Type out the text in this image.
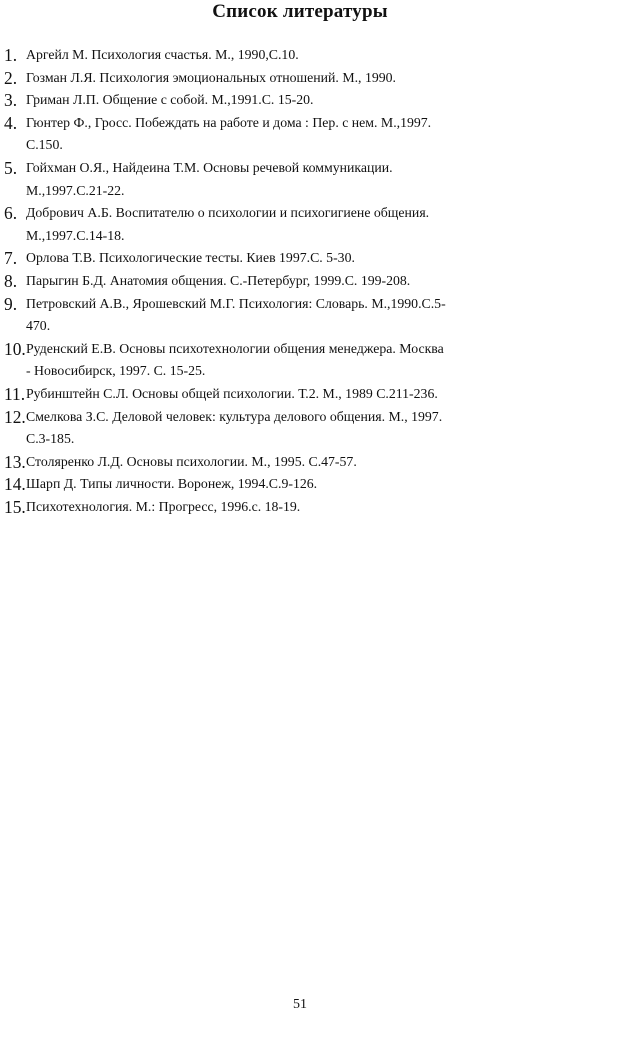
Список литературы
1. Аргейл М. Психология счастья. М., 1990,С.10.
2. Гозман Л.Я. Психология эмоциональных отношений. М., 1990.
3. Гриман Л.П. Общение с собой. М.,1991.С. 15-20.
4. Гюнтер Ф., Гросс. Побеждать на работе и дома : Пер. с нем. М.,1997.
С.150.
5. Гойхман О.Я., Найдеина Т.М. Основы речевой коммуникации.
М.,1997.С.21-22.
6. Добрович А.Б. Воспитателю о психологии и психогигиене общения.
М.,1997.С.14-18.
7. Орлова Т.В. Психологические тесты. Киев 1997.С. 5-30.
8. Парыгин Б.Д. Анатомия общения. С.-Петербург, 1999.С. 199-208.
9. Петровский А.В., Ярошевский М.Г. Психология: Словарь. М.,1990.С.5-
470.
10. Руденский Е.В. Основы психотехнологии общения менеджера. Москва
- Новосибирск, 1997. С. 15-25.
11. Рубинштейн С.Л. Основы общей психологии. Т.2. М., 1989 С.211-236.
12. Смелкова З.С. Деловой человек: культура делового общения. М., 1997.
С.3-185.
13. Столяренко Л.Д. Основы психологии. М., 1995. С.47-57.
14. Шарп Д. Типы личности. Воронеж, 1994.С.9-126.
15. Психотехнология. М.: Прогресс, 1996.с. 18-19.
51
